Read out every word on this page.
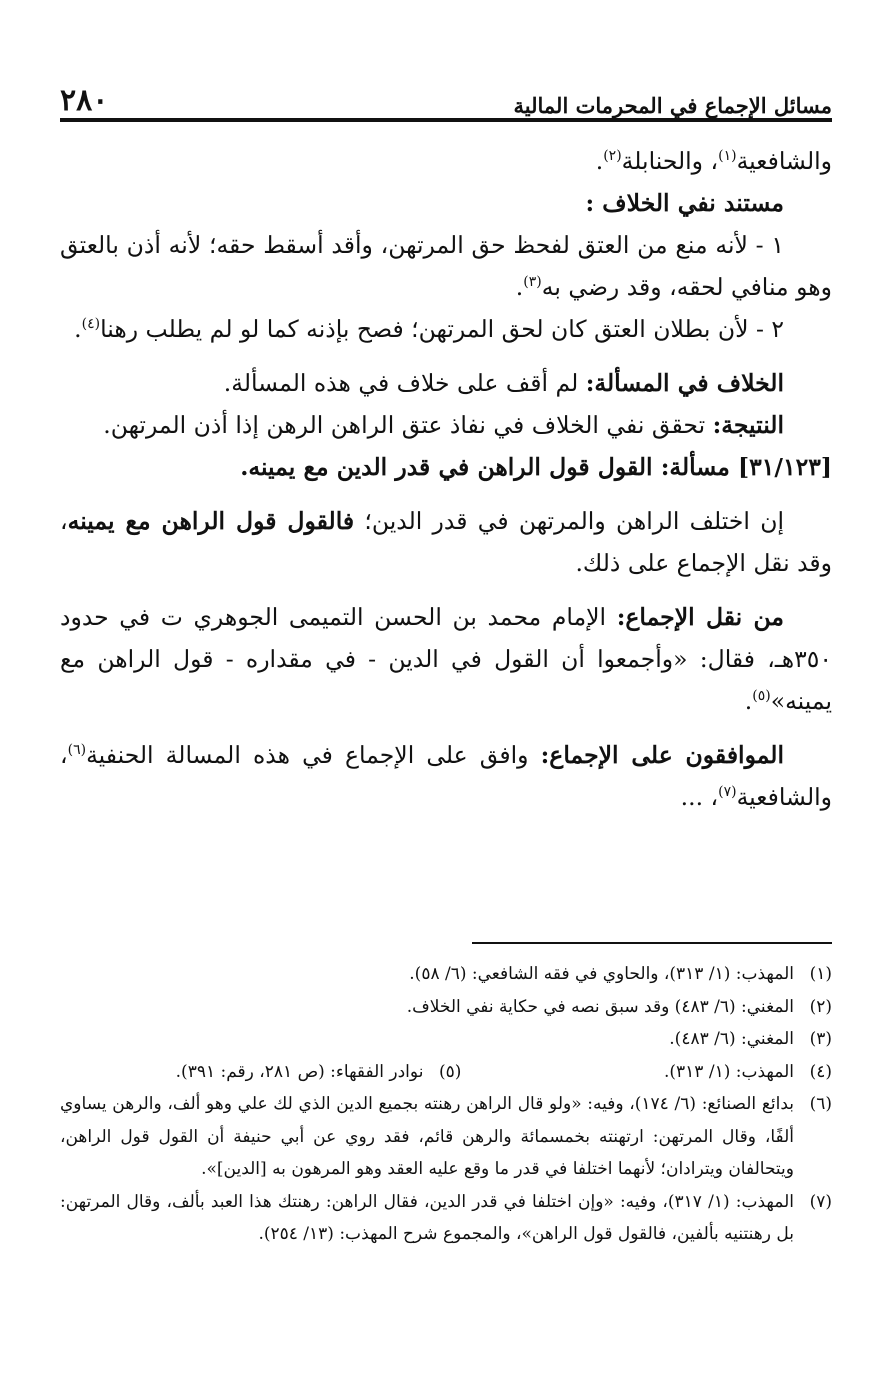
مسائل الإجماع في المحرمات المالية
٢٨٠

والشافعية$^{(١)}$، والحنابلة$^{(٢)}$.

مستند نفي الخلاف :

١ - لأنه منع من العتق لفحظ حق المرتهن، وأقد أسقط حقه؛ لأنه أذن بالعتق وهو منافي لحقه، وقد رضي به$^{(٣)}$.

٢ - لأن بطلان العتق كان لحق المرتهن؛ فصح بإذنه كما لو لم يطلب رهنا$^{(٤)}$.

الخلاف في المسألة: لم أقف على خلاف في هذه المسألة.

النتيجة: تحقق نفي الخلاف في نفاذ عتق الراهن الرهن إذا أذن المرتهن.

[٣١/١٢٣] مسألة: القول قول الراهن في قدر الدين مع يمينه.

إن اختلف الراهن والمرتهن في قدر الدين؛ فالقول قول الراهن مع يمينه، وقد نقل الإجماع على ذلك.

من نقل الإجماع: الإمام محمد بن الحسن التميمى الجوهري ت في حدود ٣٥٠هـ، فقال: «وأجمعوا أن القول في الدين - في مقداره - قول الراهن مع يمينه»$^{(٥)}$.

الموافقون على الإجماع: وافق على الإجماع في هذه المسالة الحنفية$^{(٦)}$، والشافعية$^{(٧)}$، ...

(١)
المهذب: (١/ ٣١٣)، والحاوي في فقه الشافعي: (٦/ ٥٨).
(٢)
المغني: (٦/ ٤٨٣) وقد سبق نصه في حكاية نفي الخلاف.
(٣)
المغني: (٦/ ٤٨٣).
(٤)
المهذب: (١/ ٣١٣).
(٥)
نوادر الفقهاء: (ص ٢٨١، رقم: ٣٩١).
(٦)
بدائع الصنائع: (٦/ ١٧٤)، وفيه: «ولو قال الراهن رهنته بجميع الدين الذي لك علي وهو ألف، والرهن يساوي ألفًا، وقال المرتهن: ارتهنته بخمسمائة والرهن قائم، فقد روي عن أبي حنيفة أن القول قول الراهن، ويتحالفان ويترادان؛ لأنهما اختلفا في قدر ما وقع عليه العقد وهو المرهون به [الدين]».
(٧)
المهذب: (١/ ٣١٧)، وفيه: «وإن اختلفا في قدر الدين، فقال الراهن: رهنتك هذا العبد بألف، وقال المرتهن: بل رهنتنيه بألفين، فالقول قول الراهن»، والمجموع شرح المهذب: (١٣/ ٢٥٤).
